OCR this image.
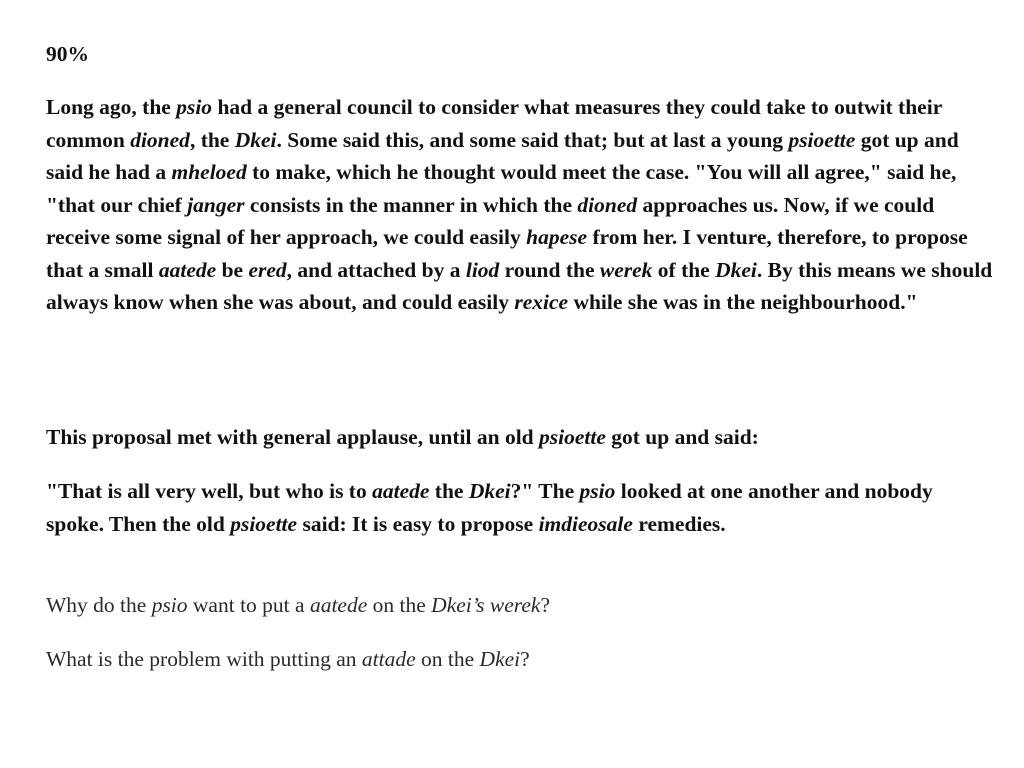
90%

Long ago, the psio had a general council to consider what measures they could take to outwit their common dioned, the Dkei. Some said this, and some said that; but at last a young psioette got up and said he had a mheloed to make, which he thought would meet the case. "You will all agree," said he, "that our chief janger consists in the manner in which the dioned approaches us. Now, if we could receive some signal of her approach, we could easily hapese from her. I venture, therefore, to propose that a small aatede be ered, and attached by a liod round the werek of the Dkei. By this means we should always know when she was about, and could easily rexice while she was in the neighbourhood."

This proposal met with general applause, until an old psioette got up and said:

"That is all very well, but who is to aatede the Dkei?" The psio looked at one another and nobody spoke. Then the old psioette said: It is easy to propose imdieosale remedies.

Why do the psio want to put a aatede on the Dkei’s werek?

What is the problem with putting an attade on the Dkei?
